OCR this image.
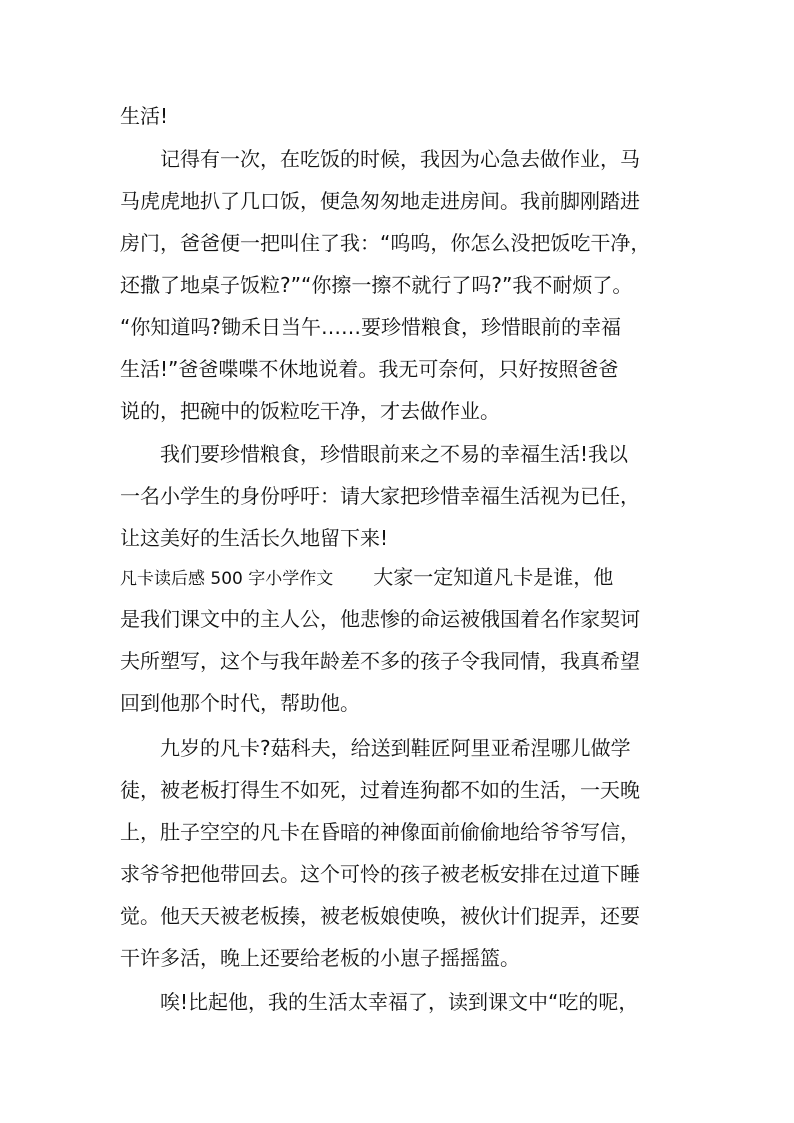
生活!
记得有一次，在吃饭的时候，我因为心急去做作业，马
马虎虎地扒了几口饭，便急匆匆地走进房间。我前脚刚踏进
房门，爸爸便一把叫住了我：“呜呜，你怎么没把饭吃干净，
还撒了地桌子饭粒?”“你擦一擦不就行了吗?”我不耐烦了。
“你知道吗?锄禾日当午……要珍惜粮食，珍惜眼前的幸福
生活!”爸爸喋喋不休地说着。我无可奈何，只好按照爸爸
说的，把碗中的饭粒吃干净，才去做作业。
我们要珍惜粮食，珍惜眼前来之不易的幸福生活!我以
一名小学生的身份呼吁：请大家把珍惜幸福生活视为已任，
让这美好的生活长久地留下来!
凡卡读后感 500 字小学作文 大家一定知道凡卡是谁，他
是我们课文中的主人公，他悲惨的命运被俄国着名作家契诃
夫所塑写，这个与我年龄差不多的孩子令我同情，我真希望
回到他那个时代，帮助他。
九岁的凡卡?菇科夫，给送到鞋匠阿里亚希涅哪儿做学
徒，被老板打得生不如死，过着连狗都不如的生活，一天晚
上，肚子空空的凡卡在昏暗的神像面前偷偷地给爷爷写信，
求爷爷把他带回去。这个可怜的孩子被老板安排在过道下睡
觉。他天天被老板揍，被老板娘使唤，被伙计们捉弄，还要
干许多活，晚上还要给老板的小崽子摇摇篮。
唉!比起他，我的生活太幸福了，读到课文中“吃的呢，
